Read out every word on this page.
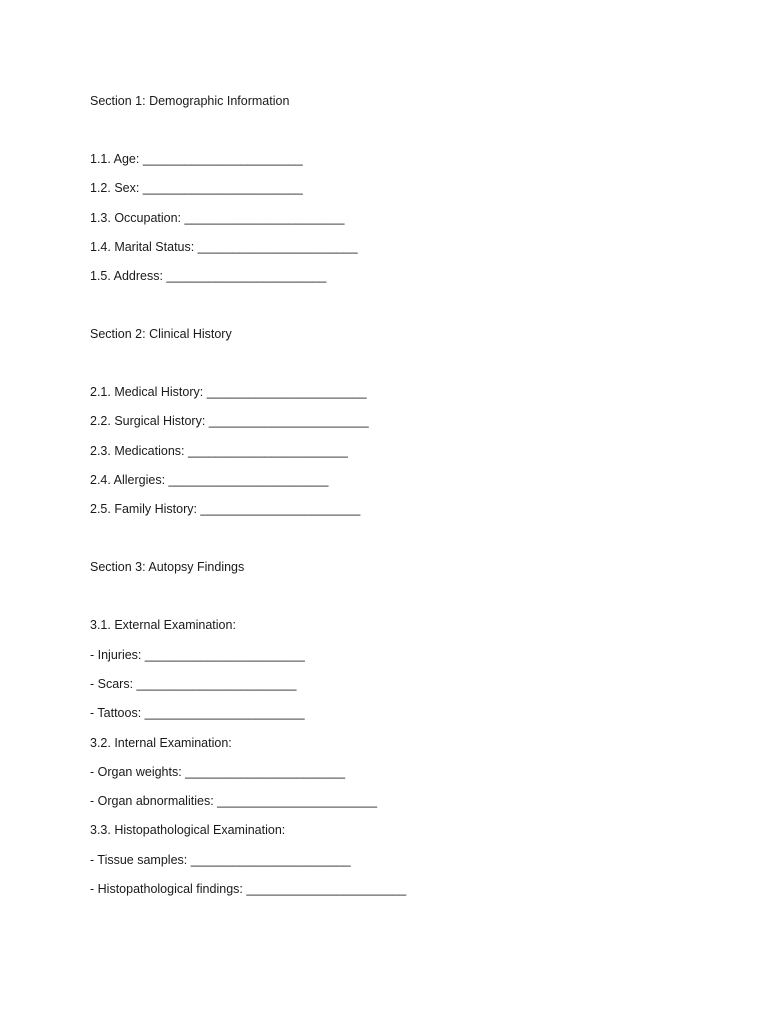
Section 1: Demographic Information

1.1. Age: _______________________

1.2. Sex: _______________________

1.3. Occupation: _______________________

1.4. Marital Status: _______________________

1.5. Address: _______________________

Section 2: Clinical History

2.1. Medical History: _______________________

2.2. Surgical History: _______________________

2.3. Medications: _______________________

2.4. Allergies: _______________________

2.5. Family History: _______________________

Section 3: Autopsy Findings

3.1. External Examination:

- Injuries: _______________________

- Scars: _______________________

- Tattoos: _______________________

3.2. Internal Examination:

- Organ weights: _______________________

- Organ abnormalities: _______________________

3.3. Histopathological Examination:

- Tissue samples: _______________________

- Histopathological findings: _______________________
